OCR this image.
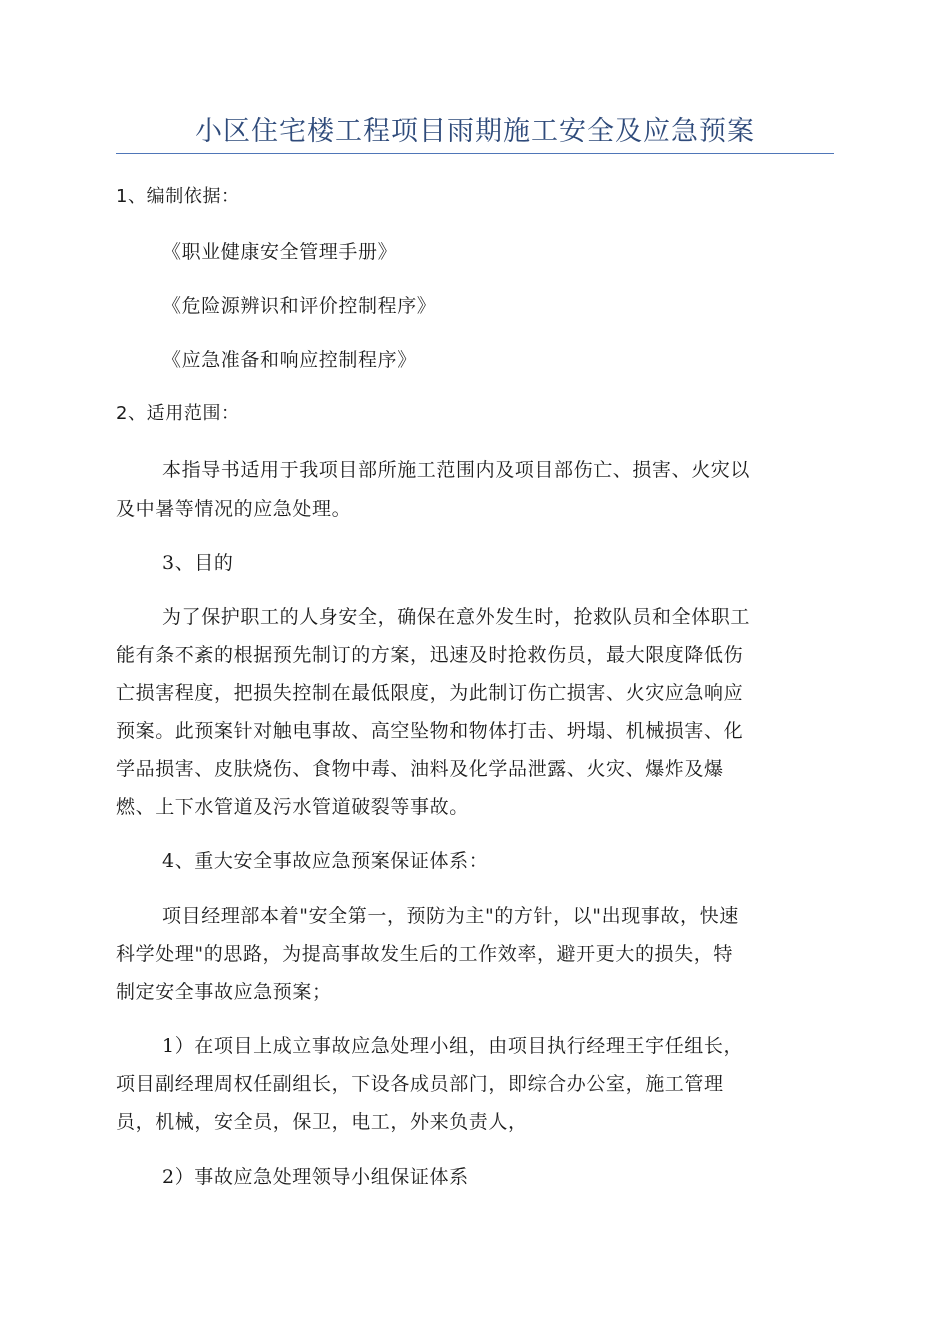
小区住宅楼工程项目雨期施工安全及应急预案
1、编制依据：
《职业健康安全管理手册》
《危险源辨识和评价控制程序》
《应急准备和响应控制程序》
2、适用范围：
本指导书适用于我项目部所施工范围内及项目部伤亡、损害、火灾以
及中暑等情况的应急处理。
3、目的
为了保护职工的人身安全，确保在意外发生时，抢救队员和全体职工
能有条不紊的根据预先制订的方案，迅速及时抢救伤员，最大限度降低伤
亡损害程度，把损失控制在最低限度，为此制订伤亡损害、火灾应急响应
预案。此预案针对触电事故、高空坠物和物体打击、坍塌、机械损害、化
学品损害、皮肤烧伤、食物中毒、油料及化学品泄露、火灾、爆炸及爆
燃、上下水管道及污水管道破裂等事故。
4、重大安全事故应急预案保证体系：
项目经理部本着"安全第一，预防为主"的方针，以"出现事故，快速
科学处理"的思路，为提高事故发生后的工作效率，避开更大的损失，特
制定安全事故应急预案；
1）在项目上成立事故应急处理小组，由项目执行经理王宇任组长，
项目副经理周权任副组长，下设各成员部门，即综合办公室，施工管理
员，机械，安全员，保卫，电工，外来负责人，
2）事故应急处理领导小组保证体系
